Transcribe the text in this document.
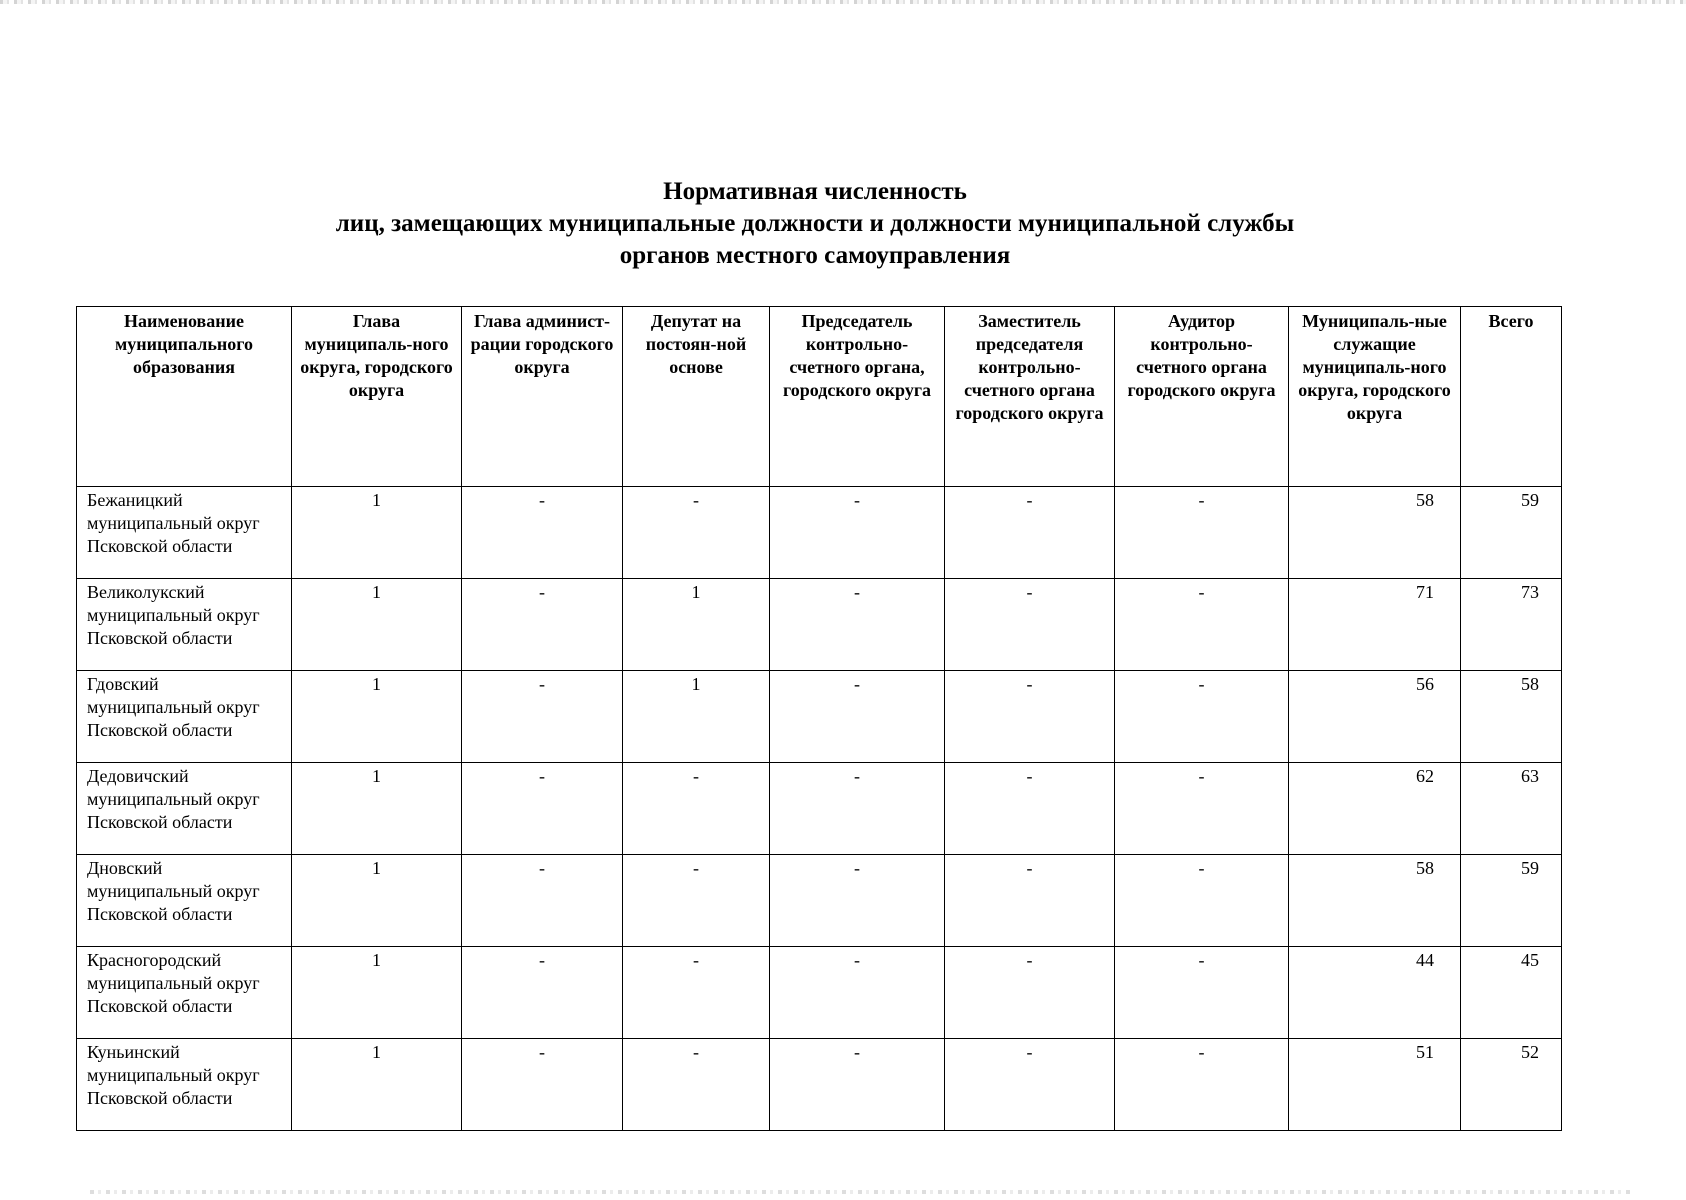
Нормативная численность
лиц, замещающих муниципальные должности и должности муниципальной службы
органов местного самоуправления
Наименование муниципального образования	Глава муниципаль-ного округа, городского округа	Глава админист-рации городского округа	Депутат на постоян-ной основе	Председатель контрольно-счетного органа, городского округа	Заместитель председателя контрольно-счетного органа городского округа	Аудитор контрольно-счетного органа городского округа	Муниципаль-ные служащие муниципаль-ного округа, городского округа	Всего
Бежаницкий муниципальный округ Псковской области	1	-	-	-	-	-	58	59
Великолукский муниципальный округ Псковской области	1	-	1	-	-	-	71	73
Гдовский муниципальный округ Псковской области	1	-	1	-	-	-	56	58
Дедовичский муниципальный округ Псковской области	1	-	-	-	-	-	62	63
Дновский муниципальный округ Псковской области	1	-	-	-	-	-	58	59
Красногородский муниципальный округ Псковской области	1	-	-	-	-	-	44	45
Куньинский муниципальный округ Псковской области	1	-	-	-	-	-	51	52
